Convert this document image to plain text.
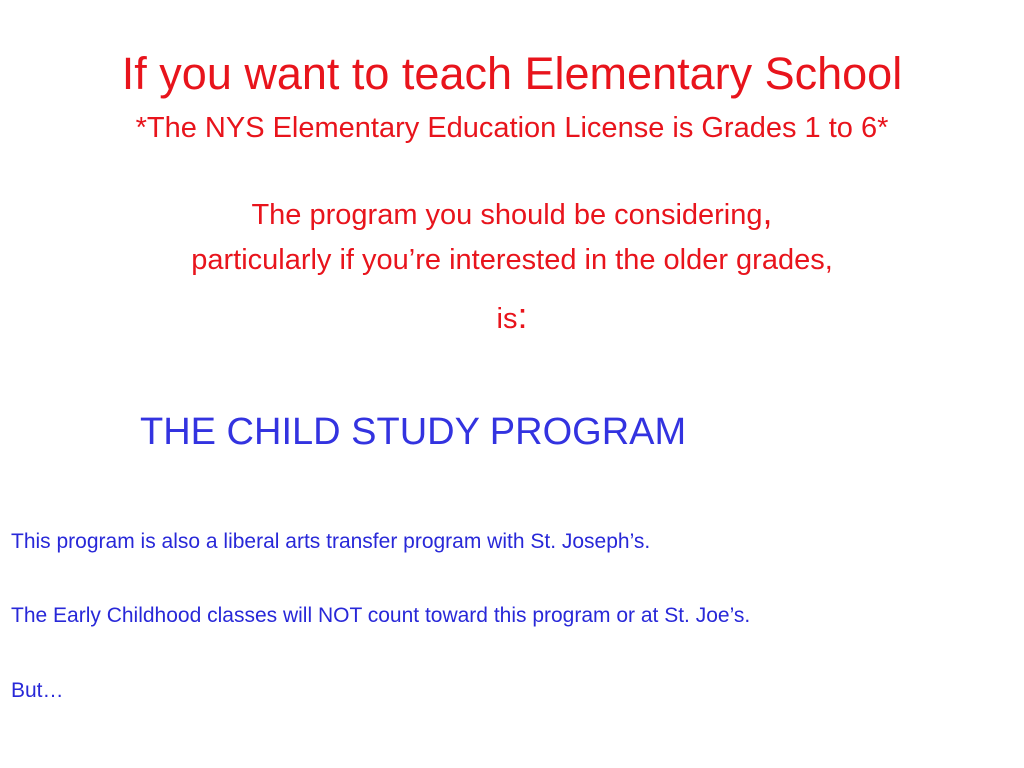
If you want to teach Elementary School
*The NYS Elementary Education License is Grades 1 to 6*
The program you should be considering,
particularly if you’re interested in the older grades,
is:
THE CHILD STUDY PROGRAM
This program is also a liberal arts transfer program with St. Joseph’s.
The Early Childhood classes will NOT count toward this program or at St. Joe’s.
But…
